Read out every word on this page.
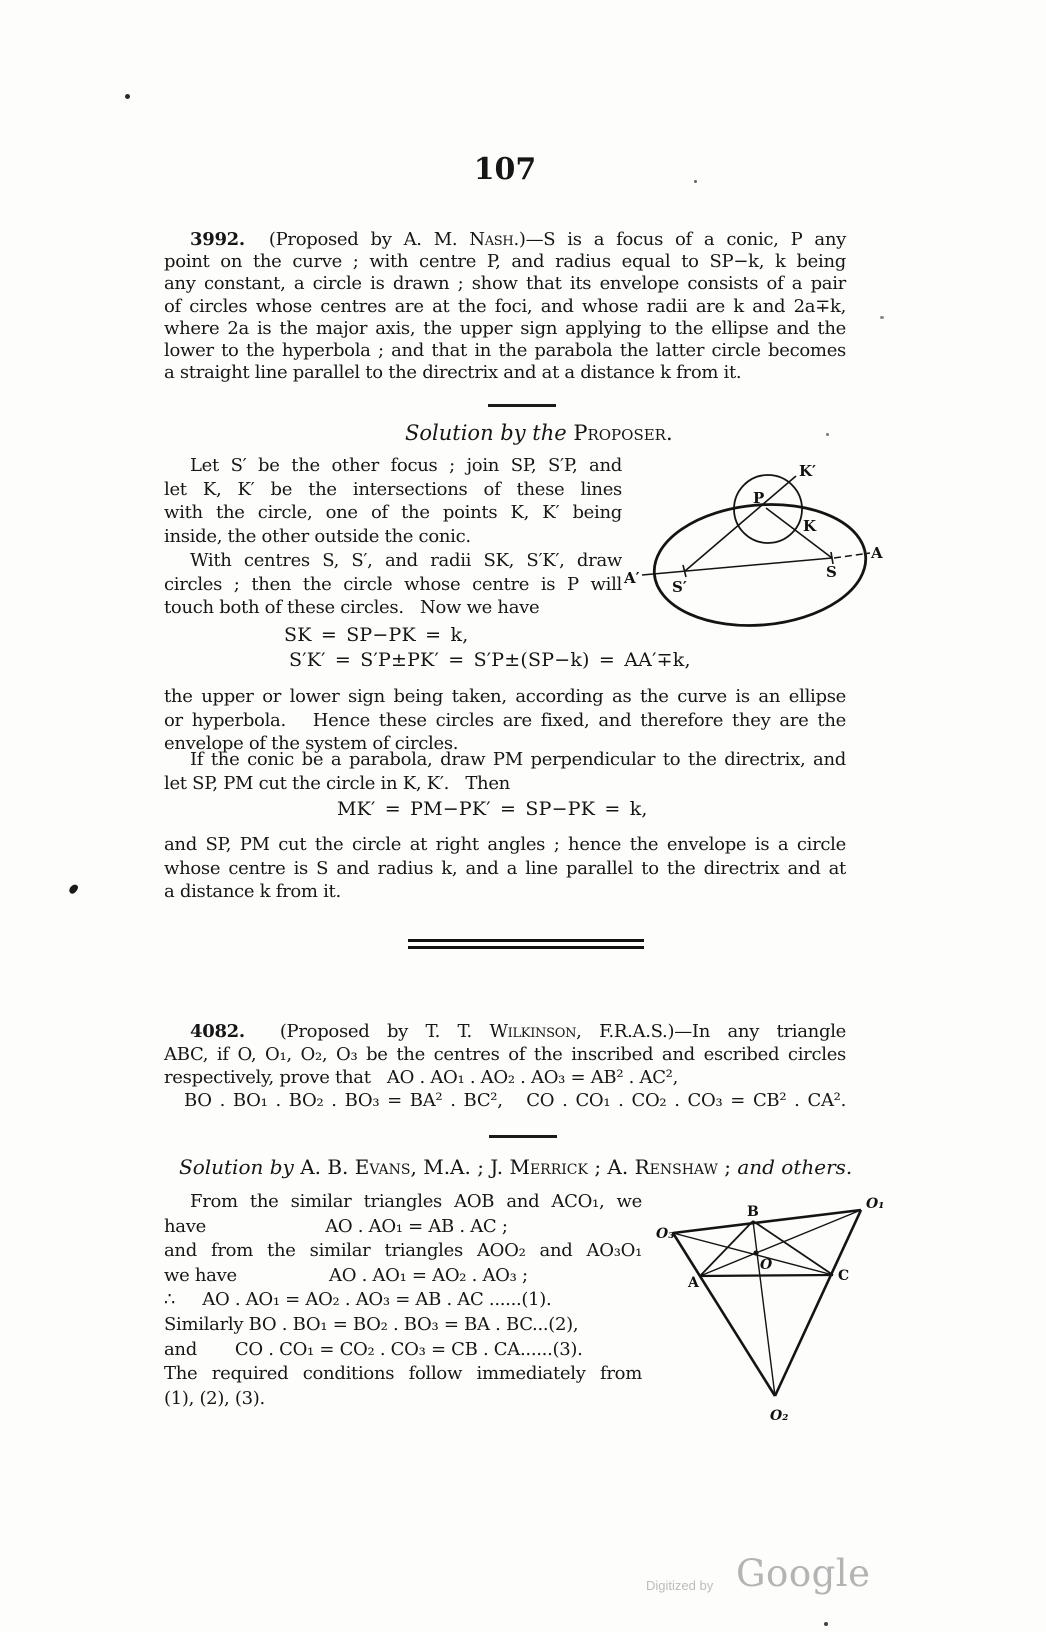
107
3992.  (Proposed by A. M. Nash.)—S is a focus of a conic, P any
point on the curve ; with centre P, and radius equal to SP−k, k being
any constant, a circle is drawn ; show that its envelope consists of a pair
of circles whose centres are at the foci, and whose radii are k and 2a∓k,
where 2a is the major axis, the upper sign applying to the ellipse and the
lower to the hyperbola ; and that in the parabola the latter circle becomes
a straight line parallel to the directrix and at a distance k from it.
Solution by the Proposer.
Let S′ be the other focus ; join SP, S′P, and
let K, K′ be the intersections of these lines
with the circle, one of the points K, K′ being
inside, the other outside the conic.
With centres S, S′, and radii SK, S′K′, draw
circles ; then the circle whose centre is P will
touch both of these circles.   Now we have
P
K′
K
S
S′
A
A′
SK = SP−PK = k,
S′K′ = S′P±PK′ = S′P±(SP−k) = AA′∓k,
the upper or lower sign being taken, according as the curve is an ellipse
or hyperbola.   Hence these circles are fixed, and therefore they are the
envelope of the system of circles.
If the conic be a parabola, draw PM perpendicular to the directrix, and
let SP, PM cut the circle in K, K′.   Then
MK′ = PM−PK′ = SP−PK = k,
and SP, PM cut the circle at right angles ; hence the envelope is a circle
whose centre is S and radius k, and a line parallel to the directrix and at
a distance k from it.
4082.  (Proposed by T. T. Wilkinson, F.R.A.S.)—In any triangle
ABC, if O, O₁, O₂, O₃ be the centres of the inscribed and escribed circles
respectively, prove that   AO . AO₁ . AO₂ . AO₃ = AB² . AC²,
BO . BO₁ . BO₂ . BO₃ = BA² . BC²,   CO . CO₁ . CO₂ . CO₃ = CB² . CA².
Solution by A. B. Evans, M.A. ; J. Merrick ; A. Renshaw ; and others.
From the similar triangles AOB and ACO₁, we
have                      AO . AO₁ = AB . AC ;
and from the similar triangles AOO₂ and AO₃O₁
we have                 AO . AO₁ = AO₂ . AO₃ ;
∴     AO . AO₁ = AO₂ . AO₃ = AB . AC ......(1).
Similarly BO . BO₁ = BO₂ . BO₃ = BA . BC...(2),
and       CO . CO₁ = CO₂ . CO₃ = CB . CA......(3).
The required conditions follow immediately from
(1), (2), (3).
B	O₁
O₃
A	C
O
O₂
Digitized by Google
